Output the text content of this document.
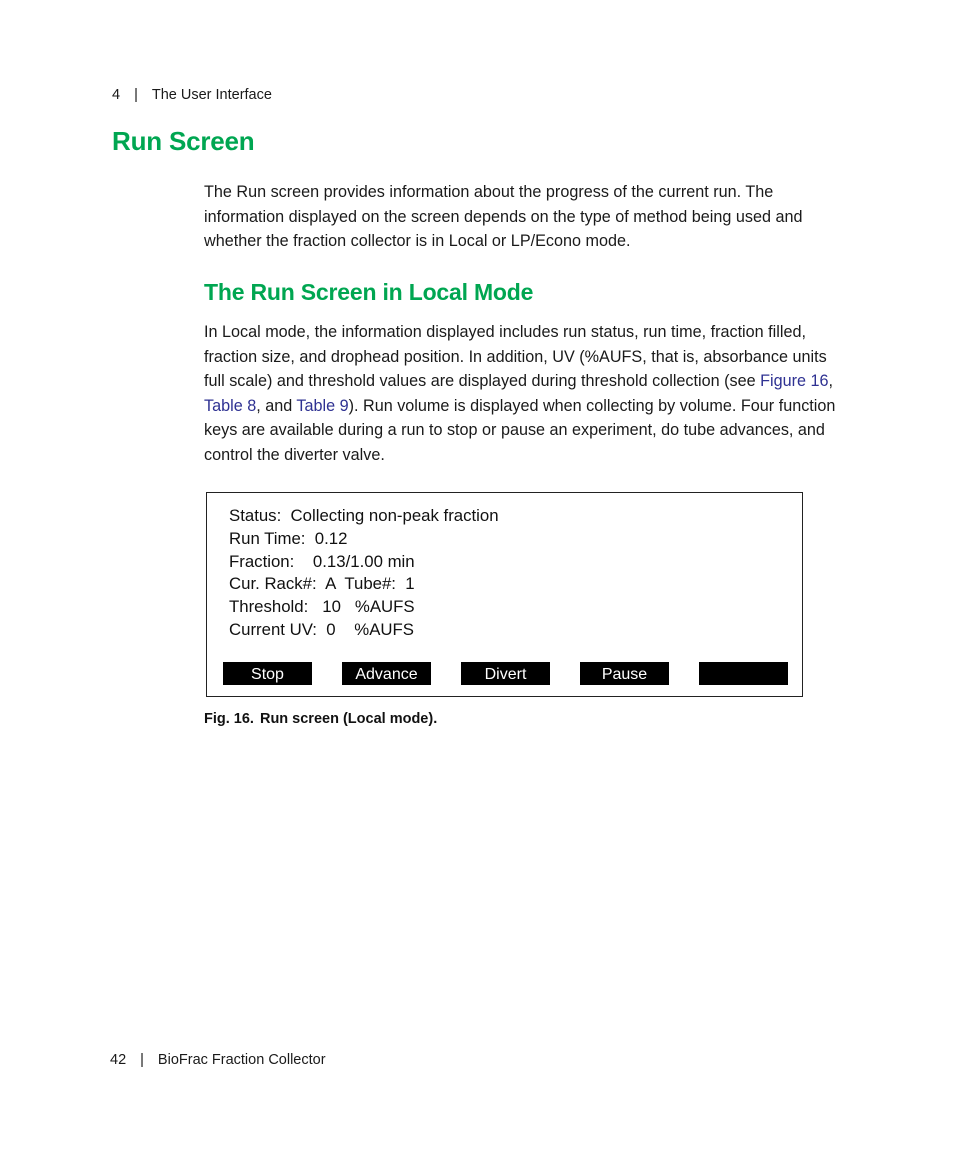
4 | The User Interface
Run Screen

The Run screen provides information about the progress of the current run. The information displayed on the screen depends on the type of method being used and whether the fraction collector is in Local or LP/Econo mode.

The Run Screen in Local Mode

In Local mode, the information displayed includes run status, run time, fraction filled, fraction size, and drophead position. In addition, UV (%AUFS, that is, absorbance units full scale) and threshold values are displayed during threshold collection (see Figure 16, Table 8, and Table 9). Run volume is displayed when collecting by volume. Four function keys are available during a run to stop or pause an experiment, do tube advances, and control the diverter valve.

Status:  Collecting non-peak fraction
Run Time:  0.12
Fraction:    0.13/1.00 min
Cur. Rack#:  A  Tube#:  1
Threshold:   10   %AUFS
Current UV:  0    %AUFS
Stop	Advance	Divert	Pause
Fig. 16. Run screen (Local mode).
42 | BioFrac Fraction Collector
